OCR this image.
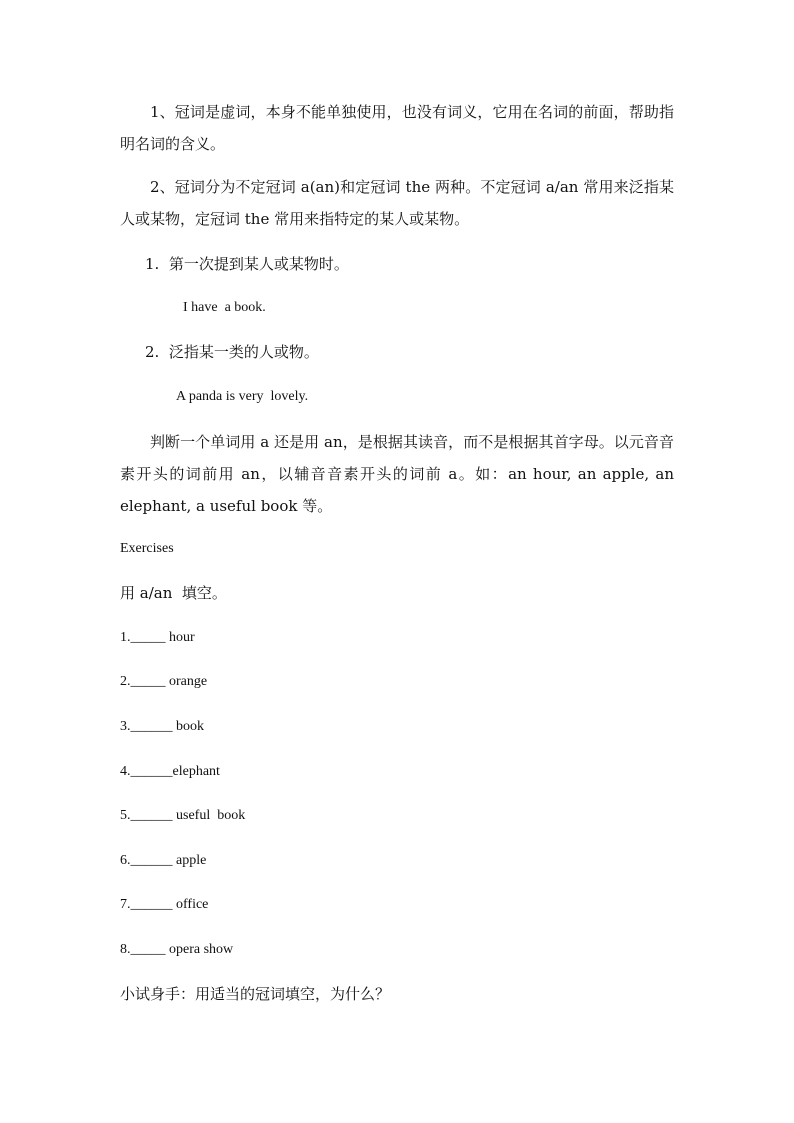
1、冠词是虚词，本身不能单独使用，也没有词义，它用在名词的前面，帮助指明名词的含义。

2、冠词分为不定冠词 a(an)和定冠词 the 两种。不定冠词 a/an 常用来泛指某人或某物，定冠词 the 常用来指特定的某人或某物。

1.  第一次提到某人或某物时。

I have  a book.

2.  泛指某一类的人或物。

A panda is very  lovely.

判断一个单词用 a 还是用 an，是根据其读音，而不是根据其首字母。以元音音素开头的词前用 an，以辅音音素开头的词前 a。如：an hour, an apple, an elephant, a useful book 等。

Exercises

用 a/an  填空。

1._____ hour

2._____ orange

3.______ book

4.______elephant

5.______ useful  book

6.______ apple

7.______ office

8._____ opera show

小试身手：用适当的冠词填空，为什么？
